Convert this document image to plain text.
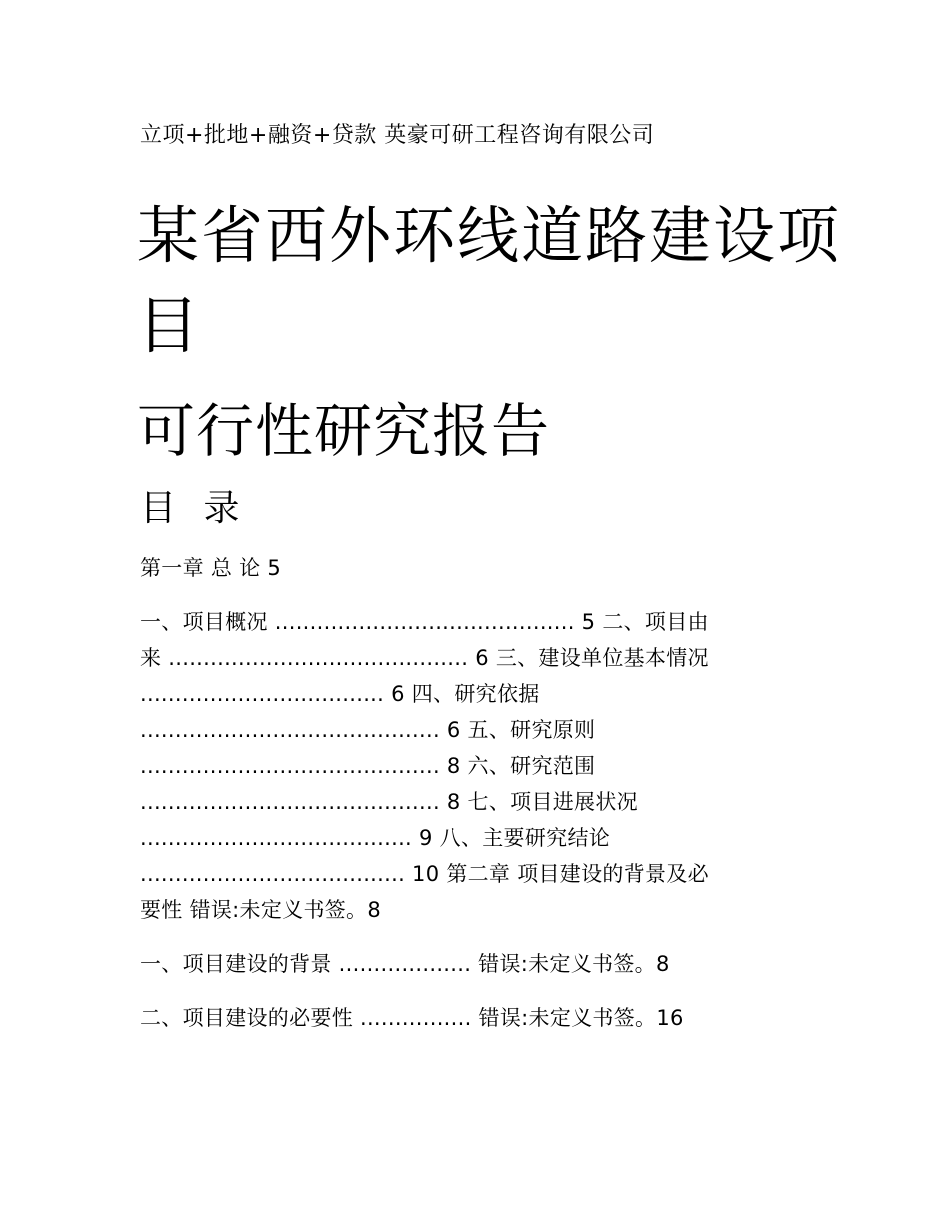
立项+批地+融资+贷款 英豪可研工程咨询有限公司
某省西外环线道路建设项
目
可行性研究报告
目 录
第一章 总 论 5
一、项目概况 ........................................... 5 二、项目由
来 ........................................... 6 三、建设单位基本情况
................................... 6 四、研究依据
........................................... 6 五、研究原则
........................................... 8 六、研究范围
........................................... 8 七、项目进展状况
....................................... 9 八、主要研究结论
...................................... 10 第二章 项目建设的背景及必
要性 错误:未定义书签。8
一、项目建设的背景 ................... 错误:未定义书签。8
二、项目建设的必要性 ................ 错误:未定义书签。16
